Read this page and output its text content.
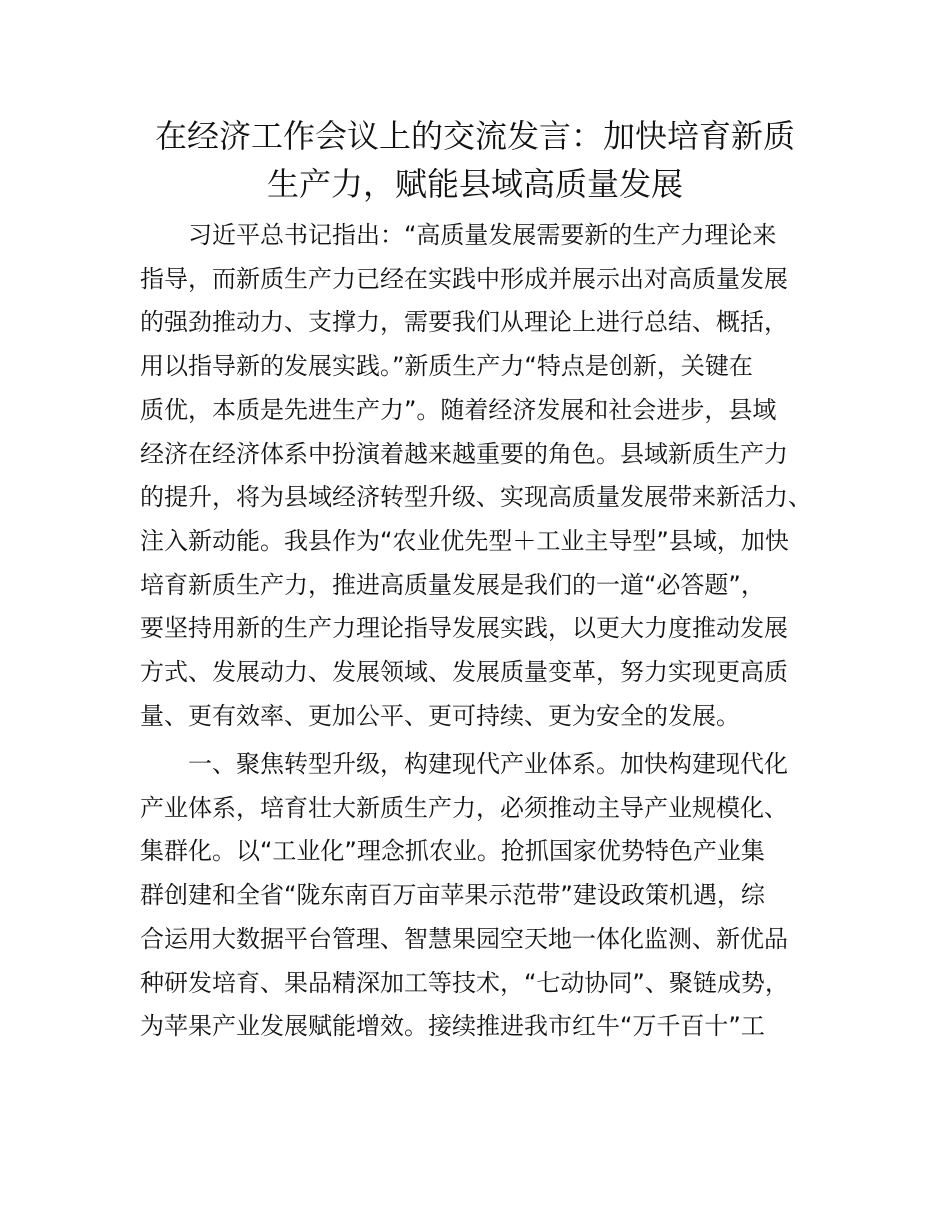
在经济工作会议上的交流发言：加快培育新质
生产力，赋能县域高质量发展
习近平总书记指出：“高质量发展需要新的生产力理论来
指导，而新质生产力已经在实践中形成并展示出对高质量发展
的强劲推动力、支撑力，需要我们从理论上进行总结、概括，
用以指导新的发展实践。”新质生产力“特点是创新，关键在
质优，本质是先进生产力”。随着经济发展和社会进步，县域
经济在经济体系中扮演着越来越重要的角色。县域新质生产力
的提升，将为县域经济转型升级、实现高质量发展带来新活力、
注入新动能。我县作为“农业优先型＋工业主导型”县域，加快
培育新质生产力，推进高质量发展是我们的一道“必答题”，
要坚持用新的生产力理论指导发展实践，以更大力度推动发展
方式、发展动力、发展领域、发展质量变革，努力实现更高质
量、更有效率、更加公平、更可持续、更为安全的发展。
一、聚焦转型升级，构建现代产业体系。加快构建现代化
产业体系，培育壮大新质生产力，必须推动主导产业规模化、
集群化。以“工业化”理念抓农业。抢抓国家优势特色产业集
群创建和全省“陇东南百万亩苹果示范带”建设政策机遇，综
合运用大数据平台管理、智慧果园空天地一体化监测、新优品
种研发培育、果品精深加工等技术，“七动协同”、聚链成势，
为苹果产业发展赋能增效。接续推进我市红牛“万千百十”工
